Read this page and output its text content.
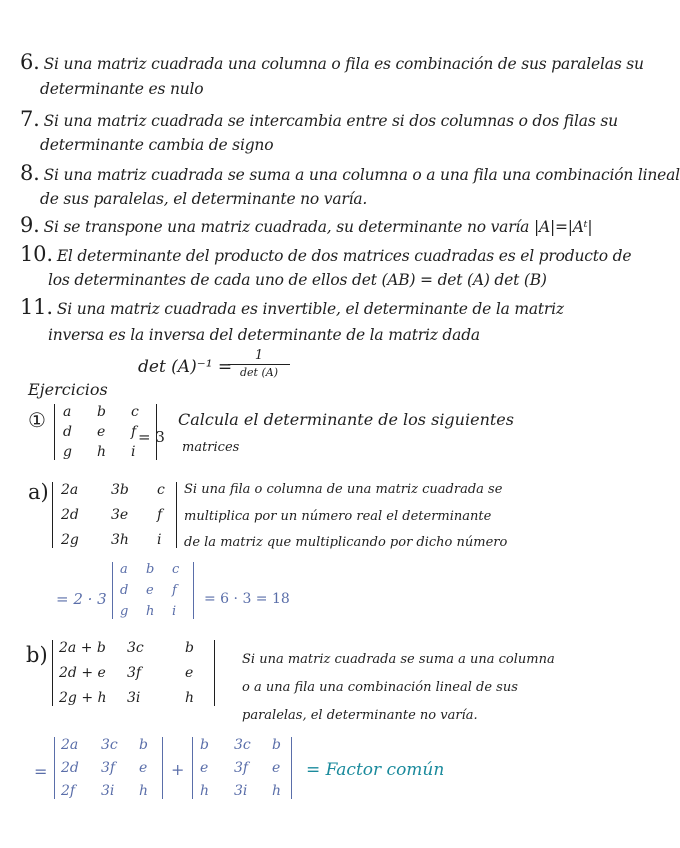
6. Si una matriz cuadrada una columna o fila es combinación de sus paralelas su
determinante es nulo
7. Si una matriz cuadrada se intercambia entre si dos columnas o dos filas su
determinante cambia de signo
8. Si una matriz cuadrada se suma a una columna o a una fila una combinación lineal
de sus paralelas, el determinante no varía.
9. Si se transpone una matriz cuadrada, su determinante no varía |A|=|Aᵗ|
10. El determinante del producto de dos matrices cuadradas es el producto de
los determinantes de cada uno de ellos det (AB) = det (A) det (B)
11. Si una matriz cuadrada es invertible, el determinante de la matriz
inversa es la inversa del determinante de la matriz dada
det (A)⁻¹ =
1
det (A)
Ejercicios
① a	b	c
d	e	f
g	h	i
= 3
Calcula el determinante de los siguientes
matrices
a) 2a	3b	c
2d	3e	f
2g	3h	i
Si una fila o columna de una matriz cuadrada se
multiplica por un número real el determinante
de la matriz que multiplicando por dicho número
= 2 · 3
a	b	c
d	e	f
g	h	i
= 6 · 3 = 18
b) 2a + b	3c	b
2d + e	3f	e
2g + h	3i	h
Si una matriz cuadrada se suma a una columna
o a una fila una combinación lineal de sus
paralelas, el determinante no varía.
=
2a	3c	b
2d	3f	e
2f	3i	h
+
b	3c	b
e	3f	e
h	3i	h
= Factor común
